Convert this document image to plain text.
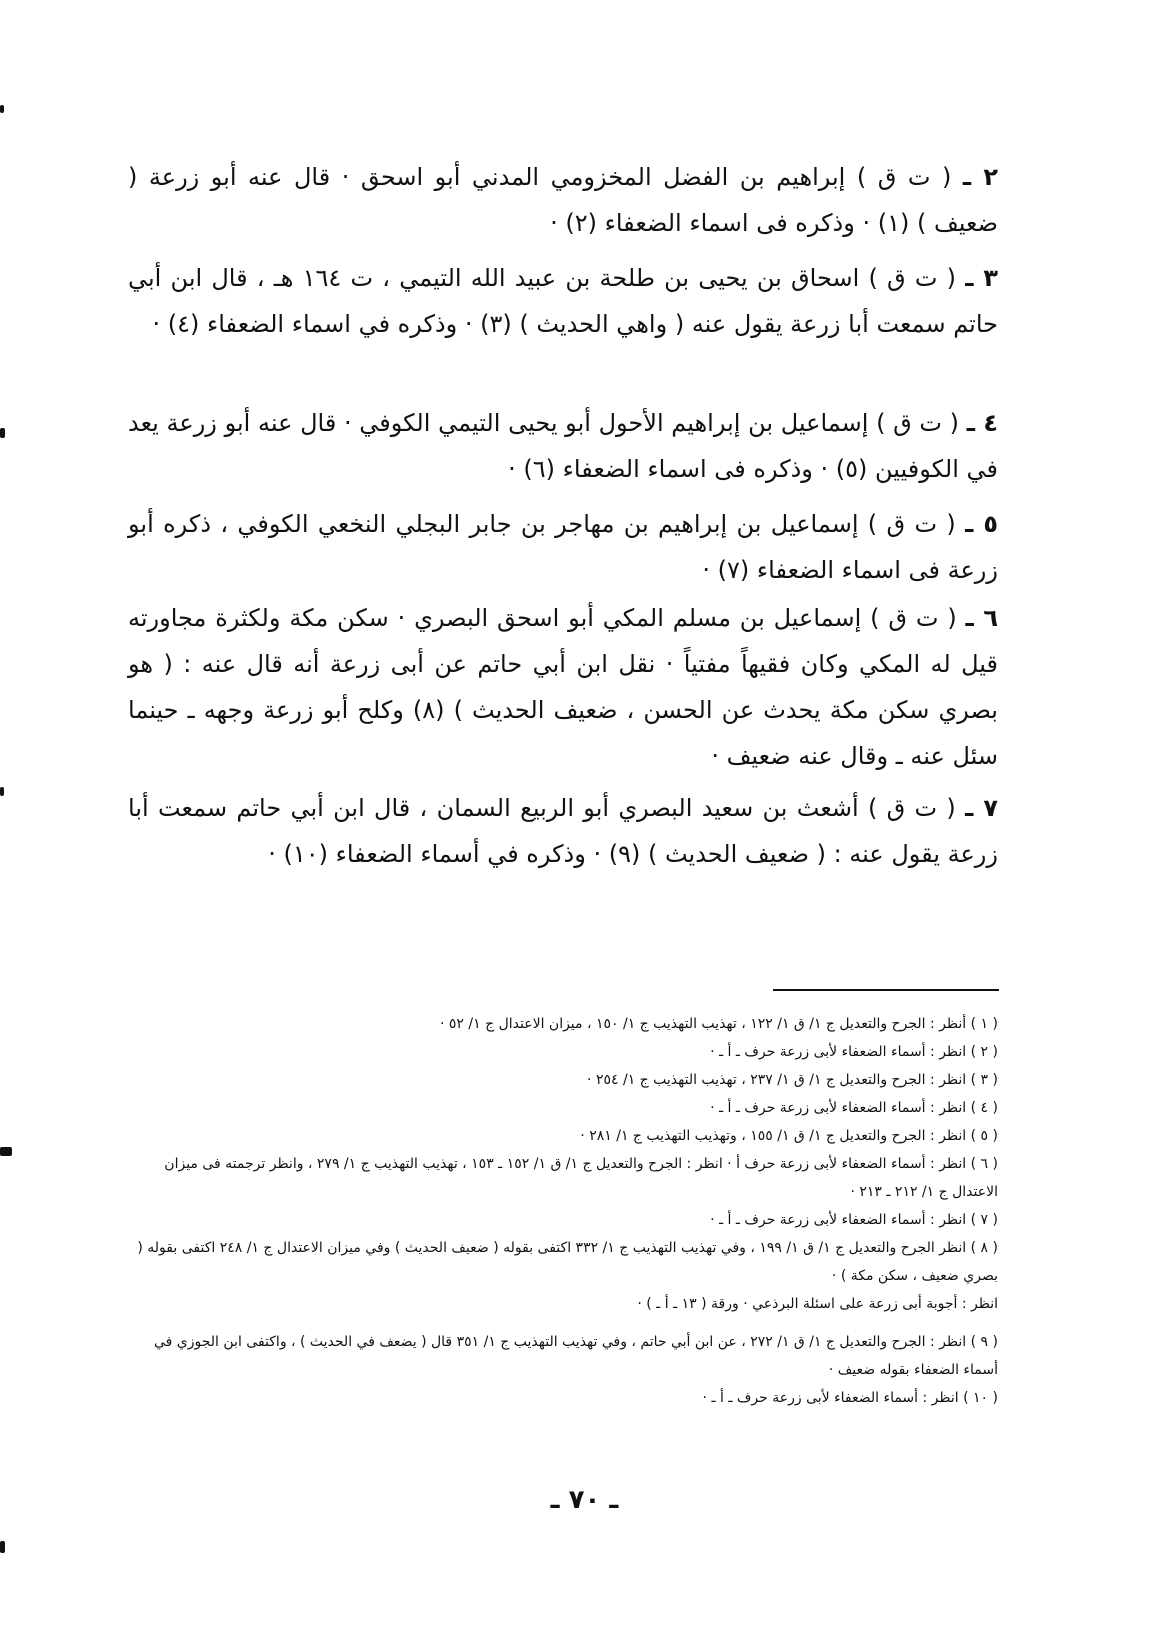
٢ ـ ( ت ق ) إبراهيم بن الفضل المخزومي المدني أبو اسحق · قال عنه أبو زرعة ( ضعيف ) (١) · وذكره فى اسماء الضعفاء (٢) ·

٣ ـ ( ت ق ) اسحاق بن يحيى بن طلحة بن عبيد الله التيمي ، ت ١٦٤ هـ ، قال ابن أبي حاتم سمعت أبا زرعة يقول عنه ( واهي الحديث ) (٣) · وذكره في اسماء الضعفاء (٤) ·

٤ ـ ( ت ق ) إسماعيل بن إبراهيم الأحول أبو يحيى التيمي الكوفي · قال عنه أبو زرعة يعد في الكوفيين (٥) · وذكره فى اسماء الضعفاء (٦) ·

٥ ـ ( ت ق ) إسماعيل بن إبراهيم بن مهاجر بن جابر البجلي النخعي الكوفي ، ذكره أبو زرعة فى اسماء الضعفاء (٧) ·

٦ ـ ( ت ق ) إسماعيل بن مسلم المكي أبو اسحق البصري · سكن مكة ولكثرة مجاورته قيل له المكي وكان فقيهاً مفتياً · نقل ابن أبي حاتم عن أبى زرعة أنه قال عنه : ( هو بصري سكن مكة يحدث عن الحسن ، ضعيف الحديث ) (٨) وكلح أبو زرعة وجهه ـ حينما سئل عنه ـ وقال عنه ضعيف ·

٧ ـ ( ت ق ) أشعث بن سعيد البصري أبو الربيع السمان ، قال ابن أبي حاتم سمعت أبا زرعة يقول عنه : ( ضعيف الحديث ) (٩) · وذكره في أسماء الضعفاء (١٠) ·

( ١ ) أنظر : الجرح والتعديل ج ١/ ق ١/ ١٢٢ ، تهذيب التهذيب ج ١/ ١٥٠ ، ميزان الاعتدال ج ١/ ٥٢ ·

( ٢ ) انظر : أسماء الضعفاء لأبى زرعة حرف ـ أ ـ ·

( ٣ ) انظر : الجرح والتعديل ج ١/ ق ١/ ٢٣٧ ، تهذيب التهذيب ج ١/ ٢٥٤ ·

( ٤ ) انظر : أسماء الضعفاء لأبى زرعة حرف ـ أ ـ ·

( ٥ ) انظر : الجرح والتعديل ج ١/ ق ١/ ١٥٥ ، وتهذيب التهذيب ج ١/ ٢٨١ ·

( ٦ ) انظر : أسماء الضعفاء لأبى زرعة حرف أ · انظر : الجرح والتعديل ج ١/ ق ١/ ١٥٢ ـ ١٥٣ ، تهذيب التهذيب ج ١/ ٢٧٩ ، وانظر ترجمته فى ميزان الاعتدال ج ١/ ٢١٢ ـ ٢١٣ ·

( ٧ ) انظر : أسماء الضعفاء لأبى زرعة حرف ـ أ ـ ·

( ٨ ) انظر الجرح والتعديل ج ١/ ق ١/ ١٩٩ ، وفي تهذيب التهذيب ج ١/ ٣٣٢ اكتفى بقوله ( ضعيف الحديث ) وفي ميزان الاعتدال ج ١/ ٢٤٨ اكتفى بقوله ( بصري ضعيف ، سكن مكة ) ·

انظر : أجوبة أبى زرعة على اسئلة البرذعي · ورقة ( ١٣ ـ أ ـ ) ·

( ٩ ) انظر : الجرح والتعديل ج ١/ ق ١/ ٢٧٢ ، عن ابن أبي حاتم ، وفي تهذيب التهذيب ج ١/ ٣٥١ قال ( يضعف في الحديث ) ، واكتفى ابن الجوزي في أسماء الضعفاء بقوله ضعيف ·

( ١٠ ) انظر : أسماء الضعفاء لأبى زرعة حرف ـ أ ـ ·

ـ ٧٠ ـ
